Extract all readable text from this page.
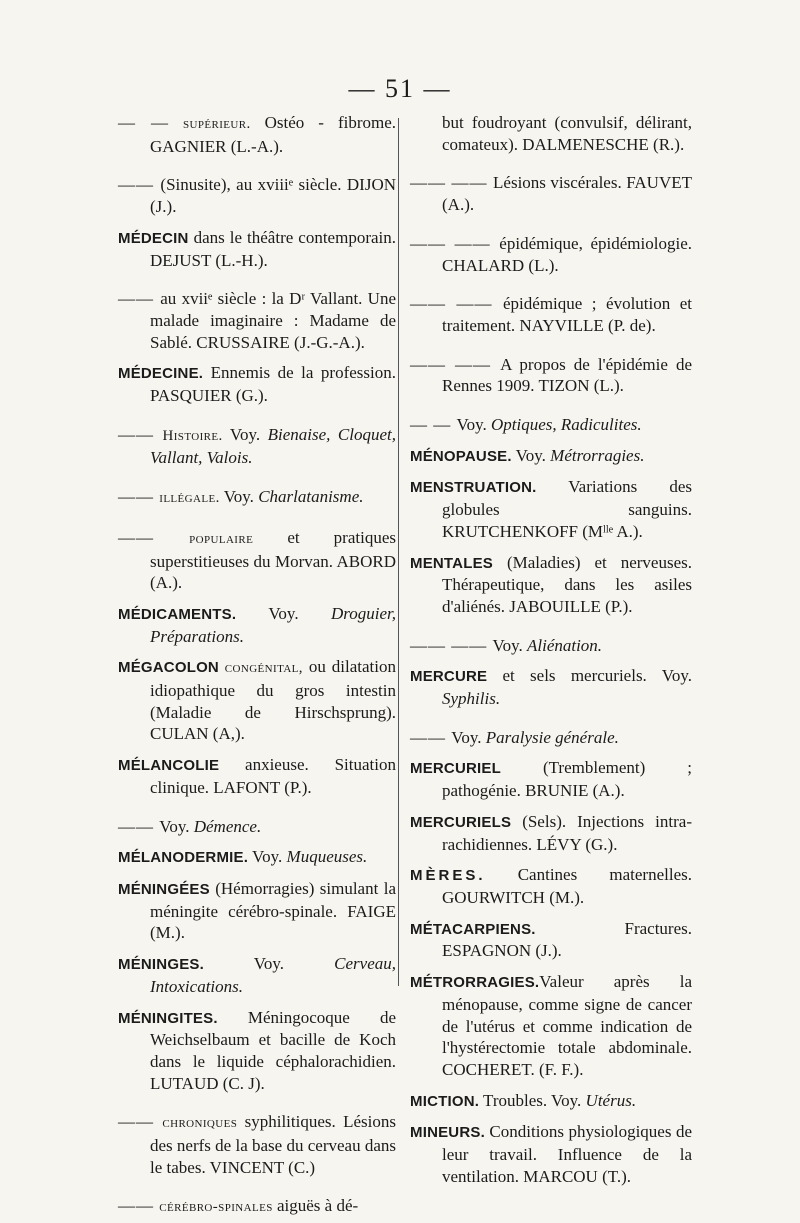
— 51 —

— — supérieur. Ostéo - fibrome. GAGNIER (L.-A.).

—— (Sinusite), au xviiiᵉ siècle. DIJON (J.).

MÉDECIN dans le théâtre contemporain. DEJUST (L.-H.).

—— au xviiᵉ siècle : la Dʳ Vallant. Une malade imaginaire : Madame de Sablé. CRUSSAIRE (J.-G.-A.).

MÉDECINE. Ennemis de la profession. PASQUIER (G.).

—— Histoire. Voy. Bienaise, Cloquet, Vallant, Valois.

—— illégale. Voy. Charlatanisme.

—— populaire et pratiques superstitieuses du Morvan. ABORD (A.).

MÉDICAMENTS. Voy. Droguier, Préparations.

MÉGACOLON congénital, ou dilatation idiopathique du gros intestin (Maladie de Hirschsprung). CULAN (A,).

MÉLANCOLIE anxieuse. Situation clinique. LAFONT (P.).

—— Voy. Démence.

MÉLANODERMIE. Voy. Muqueuses.

MÉNINGÉES (Hémorragies) simulant la méningite cérébro-spinale. FAIGE (M.).

MÉNINGES. Voy. Cerveau, Intoxications.

MÉNINGITES. Méningocoque de Weichselbaum et bacille de Koch dans le liquide céphalorachidien. LUTAUD (C. J).

—— chroniques syphilitiques. Lésions des nerfs de la base du cerveau dans le tabes. VINCENT (C.)

—— cérébro-spinales aiguës à dé-

but foudroyant (convulsif, délirant, comateux). DALMENESCHE (R.).

—— —— Lésions viscérales. FAUVET (A.).

—— —— épidémique, épidémiologie. CHALARD (L.).

—— —— épidémique ; évolution et traitement. NAYVILLE (P. de).

—— —— A propos de l'épidémie de Rennes 1909. TIZON (L.).

— — Voy. Optiques, Radiculites.

MÉNOPAUSE. Voy. Métrorragies.

MENSTRUATION. Variations des globules sanguins. KRUTCHENKOFF (Mˡˡᵉ A.).

MENTALES (Maladies) et nerveuses. Thérapeutique, dans les asiles d'aliénés. JABOUILLE (P.).

—— —— Voy. Aliénation.

MERCURE et sels mercuriels. Voy. Syphilis.

—— Voy. Paralysie générale.

MERCURIEL (Tremblement) ; pathogénie. BRUNIE (A.).

MERCURIELS (Sels). Injections intra-rachidiennes. LÉVY (G.).

MÈRES. Cantines maternelles. GOURWITCH (M.).

MÉTACARPIENS. Fractures. ESPAGNON (J.).

MÉTRORRAGIES.Valeur après la ménopause, comme signe de cancer de l'utérus et comme indication de l'hystérectomie totale abdominale. COCHERET. (F. F.).

MICTION. Troubles. Voy. Utérus.

MINEURS. Conditions physiologiques de leur travail. Influence de la ventilation. MARCOU (T.).
